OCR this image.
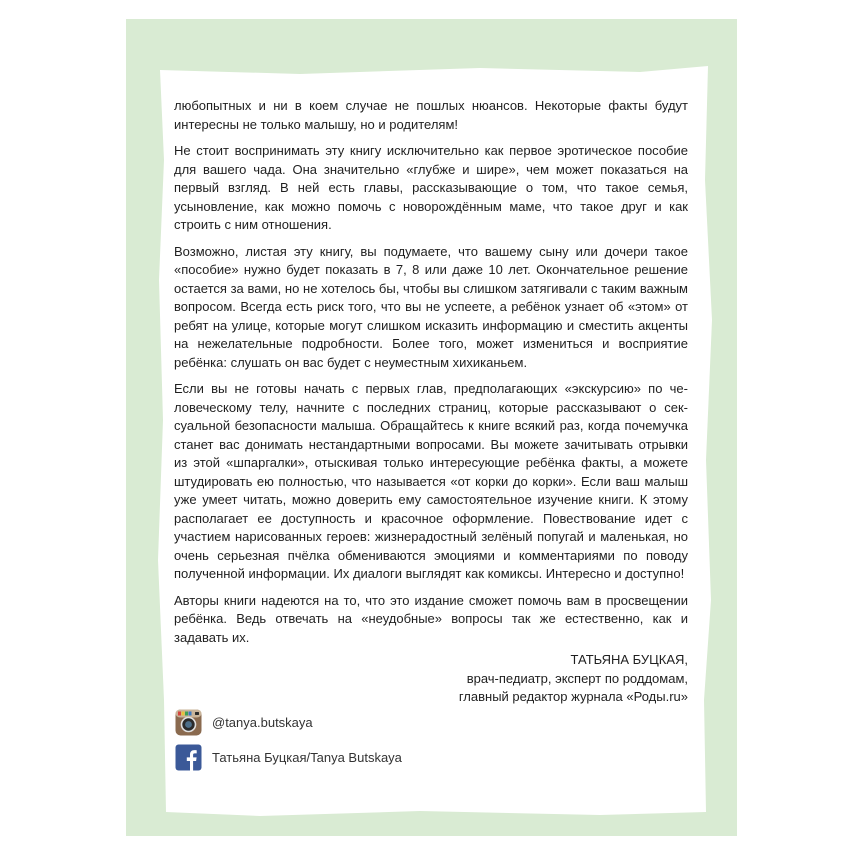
любопытных и ни в коем случае не пошлых нюансов. Некоторые факты будут интересны не только малышу, но и родителям!

Не стоит воспринимать эту книгу исключительно как первое эротическое пособие для вашего чада. Она значительно «глубже и шире», чем может показаться на первый взгляд. В ней есть главы, рассказывающие о том, что такое семья, усыновление, как можно помочь с новорождённым маме, что такое друг и как строить с ним отношения.

Возможно, листая эту книгу, вы подумаете, что вашему сыну или дочери такое «пособие» нужно будет показать в 7, 8 или даже 10 лет. Окончательное решение остается за вами, но не хотелось бы, чтобы вы слишком затягивали с таким важным вопросом. Всегда есть риск того, что вы не успеете, а ребёнок узнает об «этом» от ребят на улице, которые могут слишком исказить информацию и сместить акценты на нежелательные подробности. Более того, может измениться и восприятие ребёнка: слушать он вас будет с неуместным хихиканьем.

Если вы не готовы начать с первых глав, предполагающих «экскурсию» по человеческому телу, начните с последних страниц, которые рассказывают о сексуальной безопасности малыша. Обращайтесь к книге всякий раз, когда почемучка станет вас донимать нестандартными вопросами. Вы можете зачитывать отрывки из этой «шпаргалки», отыскивая только интересующие ребёнка факты, а можете штудировать ею полностью, что называется «от корки до корки». Если ваш малыш уже умеет читать, можно доверить ему самостоятельное изучение книги. К этому располагает ее доступность и красочное оформление. Повествование идет с участием нарисованных героев: жизнерадостный зелёный попугай и маленькая, но очень серьезная пчёлка обмениваются эмоциями и комментариями по поводу полученной информации. Их диалоги выглядят как комиксы. Интересно и доступно!

Авторы книги надеются на то, что это издание сможет помочь вам в просвещении ребёнка. Ведь отвечать на «неудобные» вопросы так же естественно, как и задавать их.

ТАТЬЯНА БУЦКАЯ,
врач-педиатр, эксперт по роддомам,
главный редактор журнала «Роды.ru»
@tanya.butskaya
Татьяна Буцкая/Tanya Butskaya
